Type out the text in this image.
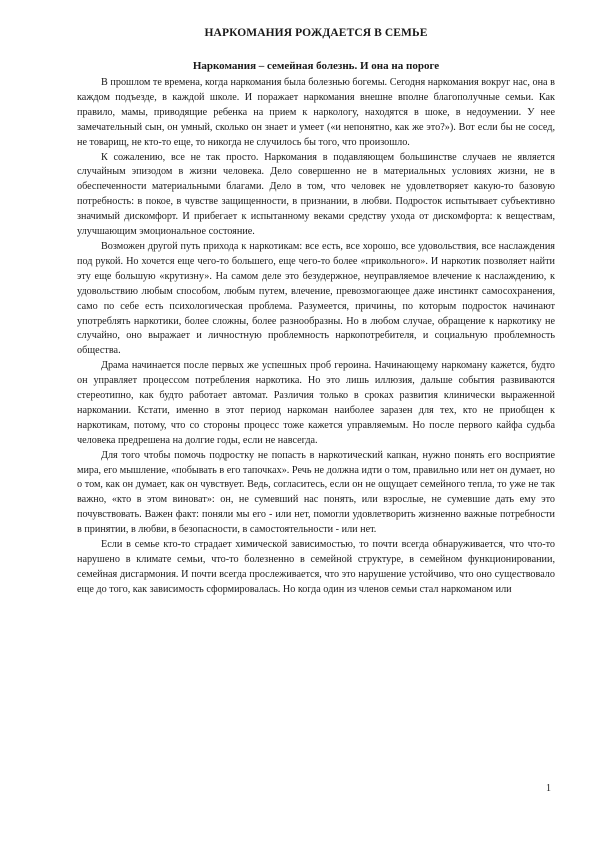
НАРКОМАНИЯ РОЖДАЕТСЯ В СЕМЬЕ
Наркомания – семейная болезнь. И она на пороге

В прошлом те времена, когда наркомания была болезнью богемы. Сегодня наркомания вокруг нас, она в каждом подъезде, в каждой школе. И поражает наркомания внешне вполне благополучные семьи. Как правило, мамы, приводящие ребенка на прием к наркологу, находятся в шоке, в недоумении. У нее замечательный сын, он умный, сколько он знает и умеет («и непонятно, как же это?»). Вот если бы не сосед, не товарищ, не кто-то еще, то никогда не случилось бы того, что произошло.

К сожалению, все не так просто. Наркомания в подавляющем большинстве случаев не является случайным эпизодом в жизни человека. Дело совершенно не в материальных условиях жизни, не в обеспеченности материальными благами. Дело в том, что человек не удовлетворяет какую-то базовую потребность: в покое, в чувстве защищенности, в признании, в любви. Подросток испытывает субъективно значимый дискомфорт. И прибегает к испытанному веками средству ухода от дискомфорта: к веществам, улучшающим эмоциональное состояние.

Возможен другой путь прихода к наркотикам: все есть, все хорошо, все удовольствия, все наслаждения под рукой. Но хочется еще чего-то большего, еще чего-то более «прикольного». И наркотик позволяет найти эту еще большую «крутизну». На самом деле это безудержное, неуправляемое влечение к наслаждению, к удовольствию любым способом, любым путем, влечение, превозмогающее даже инстинкт самосохранения, само по себе есть психологическая проблема. Разумеется, причины, по которым подросток начинают употреблять наркотики, более сложны, более разнообразны. Но в любом случае, обращение к наркотику не случайно, оно выражает и личностную проблемность наркопотребителя, и социальную проблемность общества.

Драма начинается после первых же успешных проб героина. Начинающему наркоману кажется, будто он управляет процессом потребления наркотика. Но это лишь иллюзия, дальше события развиваются стереотипно, как будто работает автомат. Различия только в сроках развития клинически выраженной наркомании. Кстати, именно в этот период наркоман наиболее заразен для тех, кто не приобщен к наркотикам, потому, что со стороны процесс тоже кажется управляемым. Но после первого кайфа судьба человека предрешена на долгие годы, если не навсегда.

Для того чтобы помочь подростку не попасть в наркотический капкан, нужно понять его восприятие мира, его мышление, «побывать в его тапочках». Речь не должна идти о том, правильно или нет он думает, но о том, как он думает, как он чувствует. Ведь, согласитесь, если он не ощущает семейного тепла, то уже не так важно, «кто в этом виноват»: он, не сумевший нас понять, или взрослые, не сумевшие дать ему это почувствовать. Важен факт: поняли мы его - или нет, помогли удовлетворить жизненно важные потребности в принятии, в любви, в безопасности, в самостоятельности - или нет.

Если в семье кто-то страдает химической зависимостью, то почти всегда обнаруживается, что что-то нарушено в климате семьи, что-то болезненно в семейной структуре, в семейном функционировании, семейная дисгармония. И почти всегда прослеживается, что это нарушение устойчиво, что оно существовало еще до того, как зависимость сформировалась. Но когда один из членов семьи стал наркоманом или

1
